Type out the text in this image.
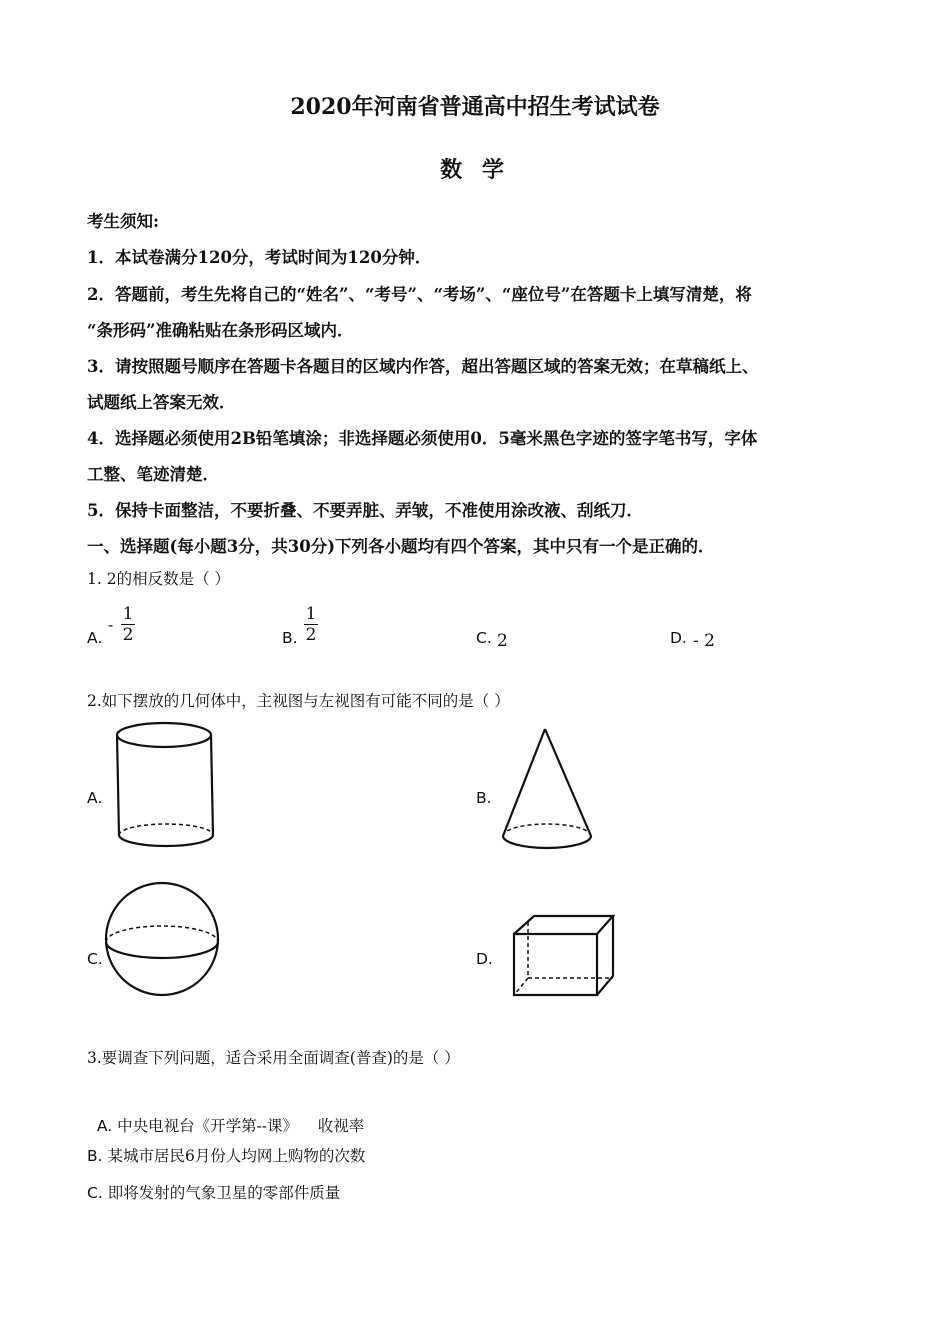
2020年河南省普通高中招生考试试卷
数 学
考生须知:
1．本试卷满分120分，考试时间为120分钟．
2．答题前，考生先将自己的“姓名”、“考号”、“考场”、“座位号”在答题卡上填写清楚，将
“条形码”准确粘贴在条形码区域内．
3．请按照题号顺序在答题卡各题目的区域内作答，超出答题区域的答案无效；在草稿纸上、
试题纸上答案无效．
4．选择题必须使用2B铅笔填涂；非选择题必须使用0．5毫米黑色字迹的签字笔书写，字体
工整、笔迹清楚．
5．保持卡面整洁，不要折叠、不要弄脏、弄皱，不准使用涂改液、刮纸刀．
一、选择题(每小题3分，共30分)下列各小题均有四个答案，其中只有一个是正确的．
1. 2的相反数是（ ）
A.
-
1
2	B.
1
2	C. 2	D. - 2
2.如下摆放的几何体中，主视图与左视图有可能不同的是（ ）
A.	B.
C.	D.
3.要调查下列问题，适合采用全面调查(普查)的是（ ）

A. 中央电视台《开学第--课》    收视率

B. 某城市居民6月份人均网上购物的次数
C. 即将发射的气象卫星的零部件质量
